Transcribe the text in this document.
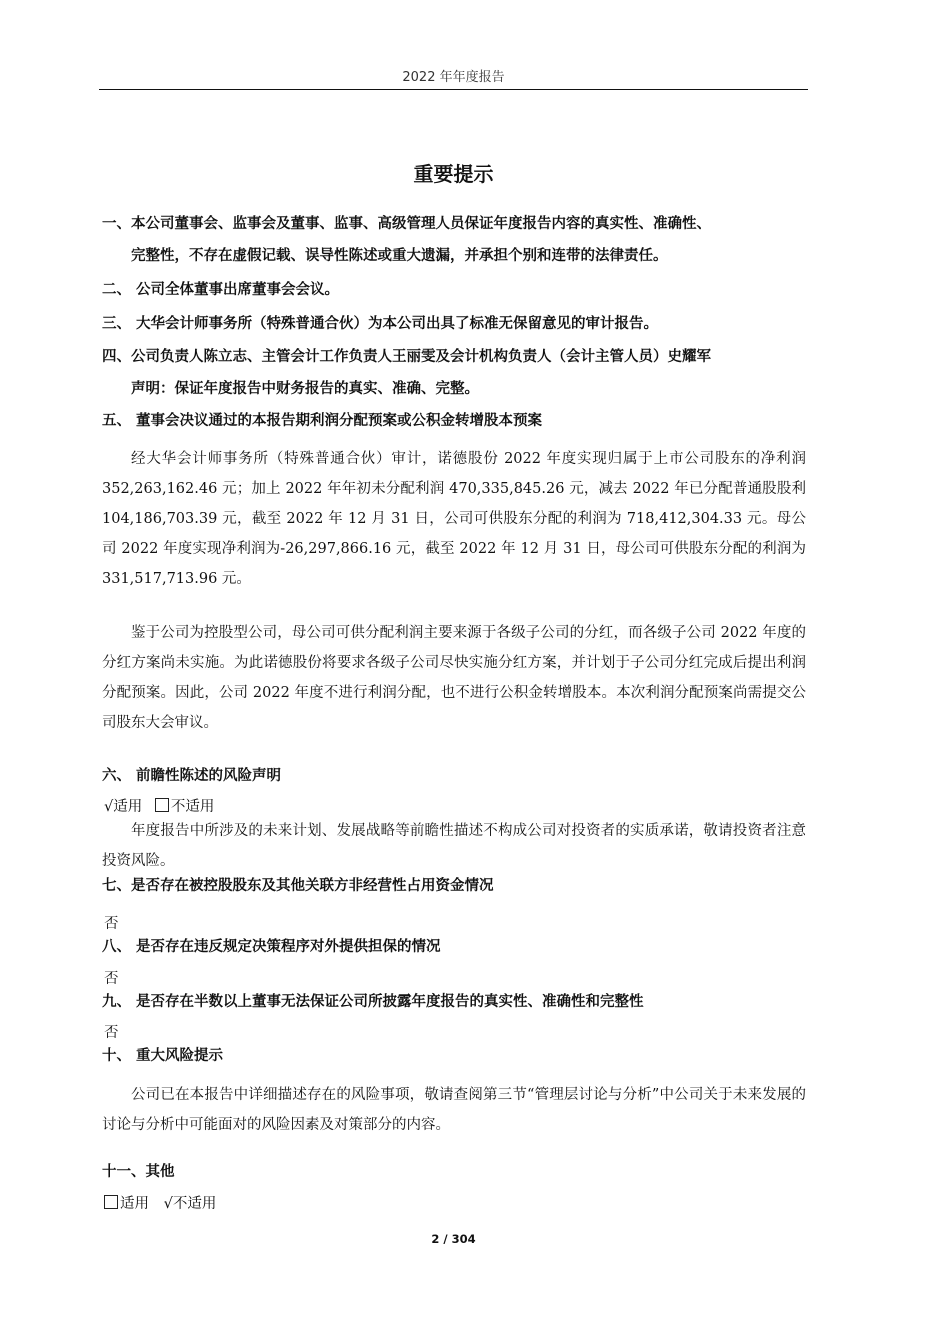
2022 年年度报告
重要提示
一、本公司董事会、监事会及董事、监事、高级管理人员保证年度报告内容的真实性、准确性、
完整性，不存在虚假记载、误导性陈述或重大遗漏，并承担个别和连带的法律责任。
二、 公司全体董事出席董事会会议。
三、 大华会计师事务所（特殊普通合伙）为本公司出具了标准无保留意见的审计报告。
四、公司负责人陈立志、主管会计工作负责人王丽雯及会计机构负责人（会计主管人员）史耀军
声明：保证年度报告中财务报告的真实、准确、完整。
五、 董事会决议通过的本报告期利润分配预案或公积金转增股本预案
经大华会计师事务所（特殊普通合伙）审计，诺德股份 2022 年度实现归属于上市公司股东的净利润 352,263,162.46 元；加上 2022 年年初未分配利润 470,335,845.26 元，减去 2022 年已分配普通股股利 104,186,703.39 元，截至 2022 年 12 月 31 日，公司可供股东分配的利润为 718,412,304.33 元。母公司 2022 年度实现净利润为-26,297,866.16 元，截至 2022 年 12 月 31 日，母公司可供股东分配的利润为 331,517,713.96 元。
鉴于公司为控股型公司，母公司可供分配利润主要来源于各级子公司的分红，而各级子公司 2022 年度的分红方案尚未实施。为此诺德股份将要求各级子公司尽快实施分红方案，并计划于子公司分红完成后提出利润分配预案。因此，公司 2022 年度不进行利润分配，也不进行公积金转增股本。本次利润分配预案尚需提交公司股东大会审议。
六、 前瞻性陈述的风险声明
√适用 不适用
年度报告中所涉及的未来计划、发展战略等前瞻性描述不构成公司对投资者的实质承诺，敬请投资者注意投资风险。
七、是否存在被控股股东及其他关联方非经营性占用资金情况
否
八、 是否存在违反规定决策程序对外提供担保的情况
否
九、 是否存在半数以上董事无法保证公司所披露年度报告的真实性、准确性和完整性
否
十、 重大风险提示
公司已在本报告中详细描述存在的风险事项，敬请查阅第三节“管理层讨论与分析”中公司关于未来发展的讨论与分析中可能面对的风险因素及对策部分的内容。
十一、其他
适用 √不适用
2 / 304
